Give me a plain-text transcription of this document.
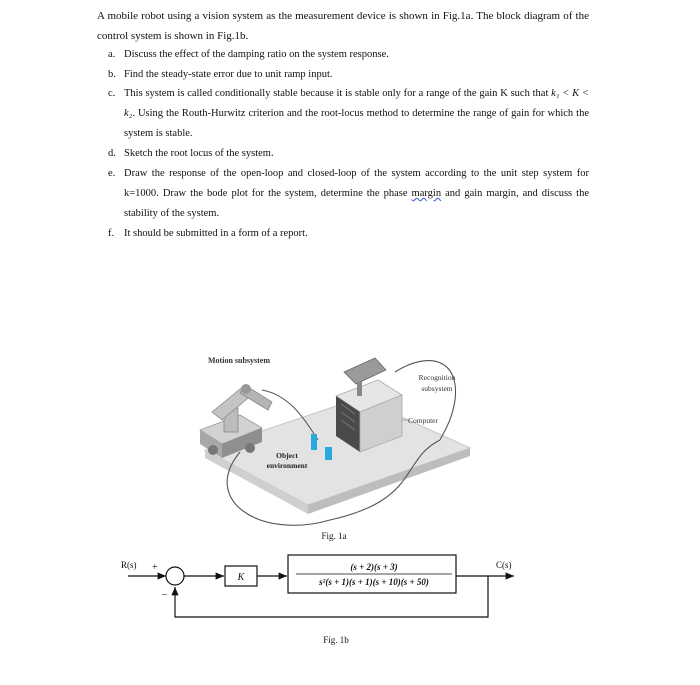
A mobile robot using a vision system as the measurement device is shown in Fig.1a. The block diagram of the control system is shown in Fig.1b.
a. Discuss the effect of the damping ratio on the system response.
b. Find the steady-state error due to unit ramp input.
c. This system is called conditionally stable because it is stable only for a range of the gain K such that k₁ < K < k₂. Using the Routh-Hurwitz criterion and the root-locus method to determine the range of gain for which the system is stable.
d. Sketch the root locus of the system.
e. Draw the response of the open-loop and closed-loop of the system according to the unit step system for k=1000. Draw the bode plot for the system, determine the phase margin and gain margin, and discuss the stability of the system.
f. It should be submitted in a form of a report.
Motion subsystem
Recognition
subsystem
Computer
Object
environment
Fig. 1a
R(s) +
–
K
(s + 2)(s + 3)
s²(s + 1)(s + 1)(s + 10)(s + 50)
C(s)
Fig. 1b
